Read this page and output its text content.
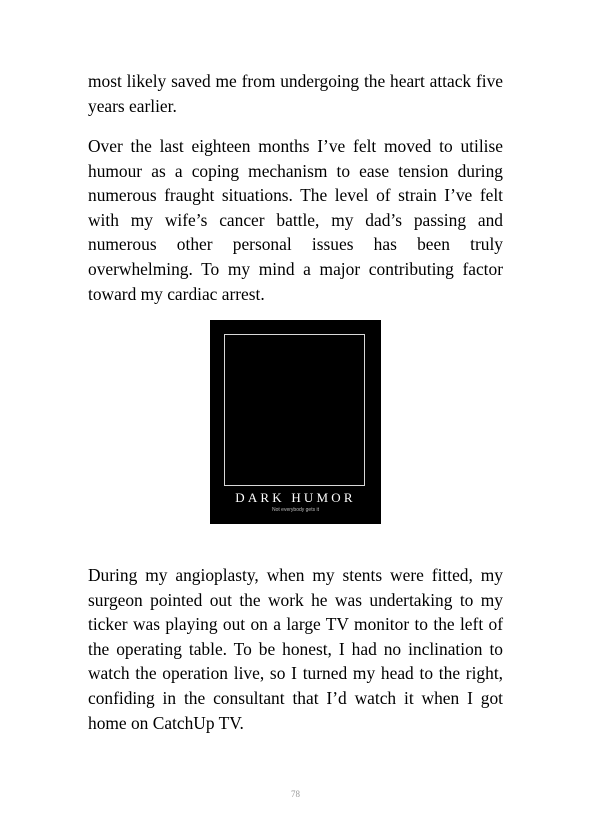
most likely saved me from undergoing the heart attack five years earlier.

Over the last eighteen months I’ve felt moved to utilise humour as a coping mechanism to ease tension during numerous fraught situations. The level of strain I’ve felt with my wife’s cancer battle, my dad’s passing and numerous other personal issues has been truly overwhelming. To my mind a major contributing factor toward my cardiac arrest.

DARK HUMOR
Not everybody gets it

During my angioplasty, when my stents were fitted, my surgeon pointed out the work he was undertaking to my ticker was playing out on a large TV monitor to the left of the operating table. To be honest, I had no inclination to watch the operation live, so I turned my head to the right, confiding in the consultant that I’d watch it when I got home on CatchUp TV.

78
